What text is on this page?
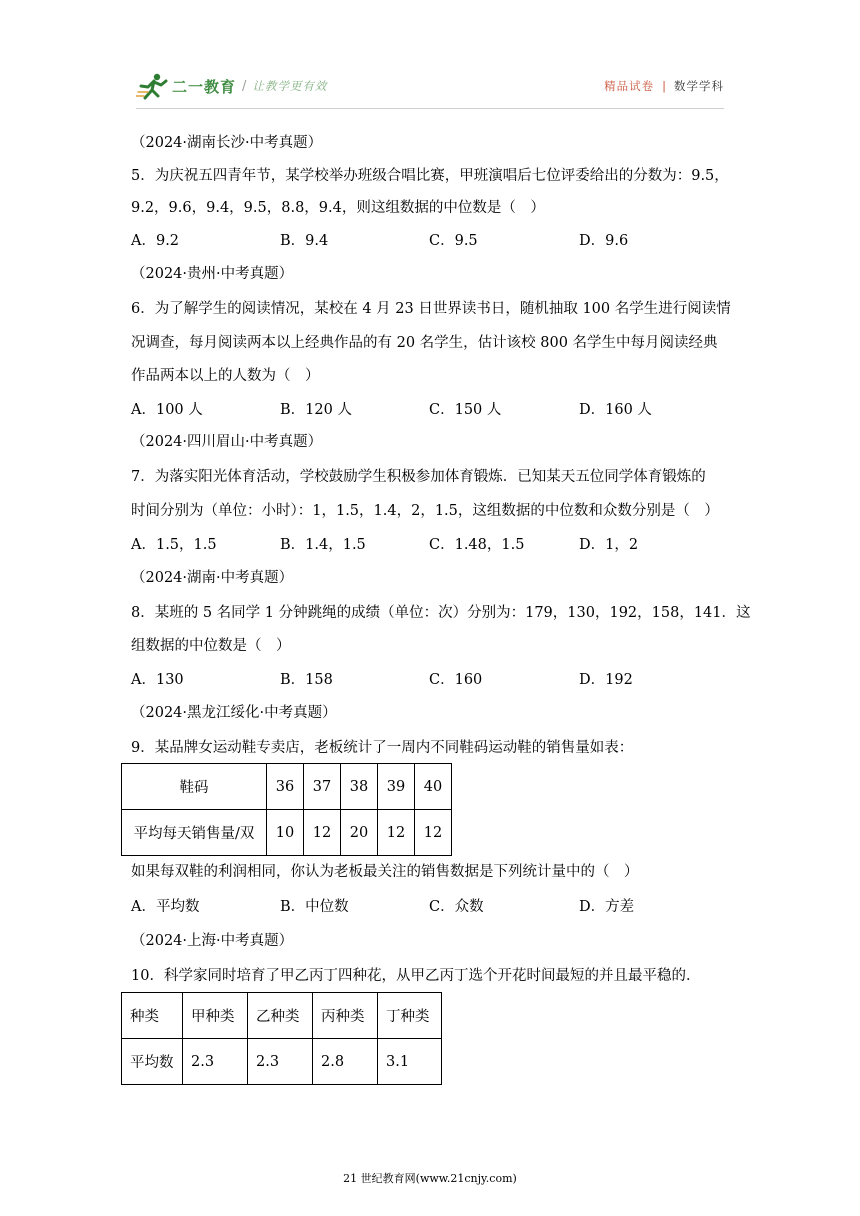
二一教育 / 让教学更有效	精品试卷 | 数学学科
（2024·湖南长沙·中考真题）
5．为庆祝五四青年节，某学校举办班级合唱比赛，甲班演唱后七位评委给出的分数为：9.5，
9.2，9.6，9.4，9.5，8.8，9.4，则这组数据的中位数是（　）
A．9.2	B．9.4	C．9.5	D．9.6
（2024·贵州·中考真题）
6．为了解学生的阅读情况，某校在 4 月 23 日世界读书日，随机抽取 100 名学生进行阅读情
况调查，每月阅读两本以上经典作品的有 20 名学生，估计该校 800 名学生中每月阅读经典
作品两本以上的人数为（　）
A．100 人	B．120 人	C．150 人	D．160 人
（2024·四川眉山·中考真题）
7．为落实阳光体育活动，学校鼓励学生积极参加体育锻炼．已知某天五位同学体育锻炼的
时间分别为（单位：小时）：1，1.5，1.4，2，1.5，这组数据的中位数和众数分别是（　）
A．1.5，1.5	B．1.4，1.5	C．1.48，1.5	D．1，2
（2024·湖南·中考真题）
8．某班的 5 名同学 1 分钟跳绳的成绩（单位：次）分别为：179，130，192，158，141．这
组数据的中位数是（　）
A．130	B．158	C．160	D．192
（2024·黑龙江绥化·中考真题）
9．某品牌女运动鞋专卖店，老板统计了一周内不同鞋码运动鞋的销售量如表：
鞋码	36	37	38	39	40
平均每天销售量/双	10	12	20	12	12
如果每双鞋的利润相同，你认为老板最关注的销售数据是下列统计量中的（　）
A．平均数	B．中位数	C．众数	D．方差
（2024·上海·中考真题）
10．科学家同时培育了甲乙丙丁四种花，从甲乙丙丁选个开花时间最短的并且最平稳的．
种类	甲种类	乙种类	丙种类	丁种类
平均数	2.3	2.3	2.8	3.1
21 世纪教育网(www.21cnjy.com)
